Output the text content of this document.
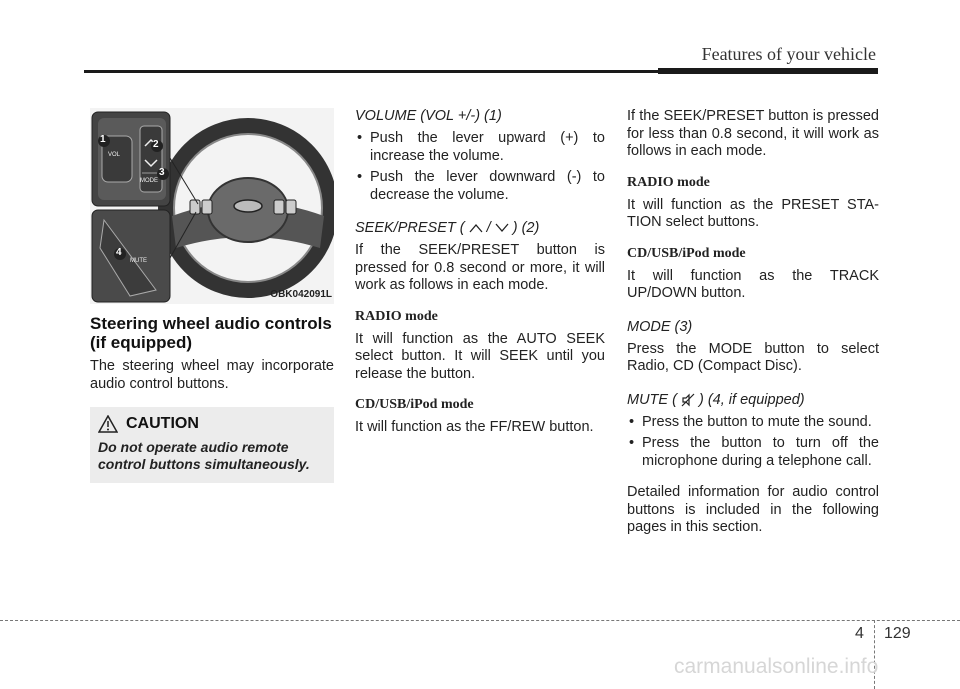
Features of your vehicle
1	2
3
4
VOL
MODE
MUTE
OBK042091L
Steering wheel audio controls (if equipped)

The steering wheel may incorporate audio control buttons.

CAUTION
Do not operate audio remote control buttons simultaneously.
VOLUME (VOL +/-) (1)
• Push the lever upward (+) to increase the volume.
• Push the lever downward (-) to decrease the volume.
SEEK/PRESET ( / ) (2)

If the SEEK/PRESET button is pressed for 0.8 second or more, it will work as follows in each mode.

RADIO mode

It will function as the AUTO SEEK select button. It will SEEK until you release the button.

CD/USB/iPod mode

It will function as the FF/REW button.

If the SEEK/PRESET button is pressed for less than 0.8 second, it will work as follows in each mode.

RADIO mode

It will function as the PRESET STA-TION select buttons.

CD/USB/iPod mode

It will function as the TRACK UP/DOWN button.

MODE (3)

Press the MODE button to select Radio, CD (Compact Disc).

MUTE ( ) (4, if equipped)
• Press the button to mute the sound.
• Press the button to turn off the microphone during a telephone call.

Detailed information for audio control buttons is included in the following pages in this section.

4 129
carmanualsonline.info
